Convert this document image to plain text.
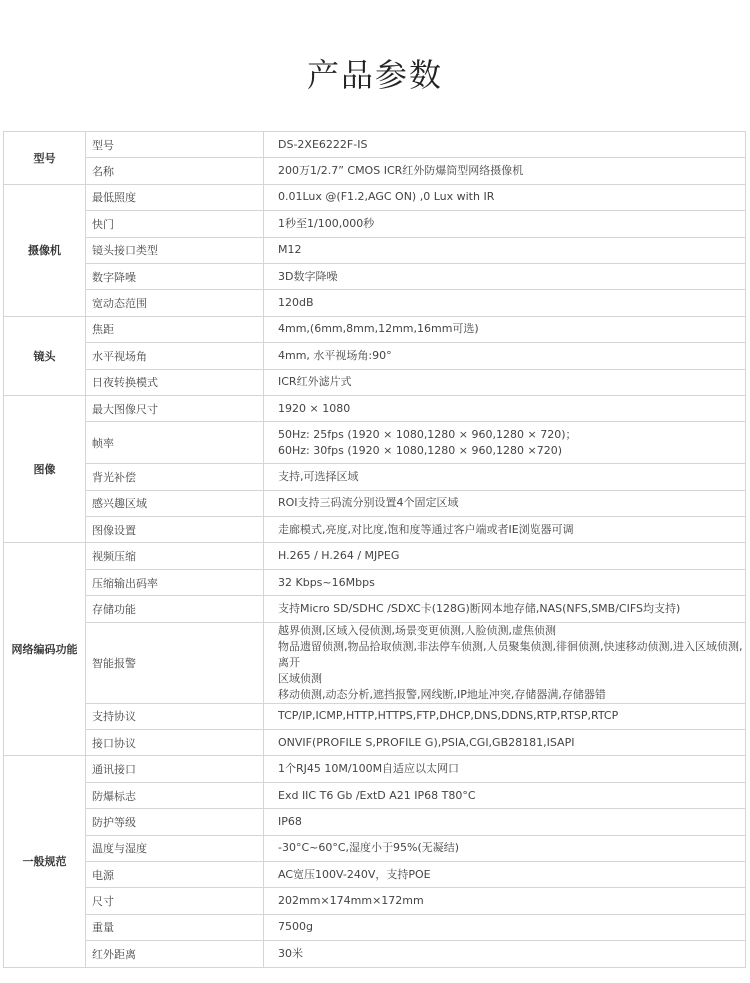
产品参数
型号	型号	DS-2XE6222F-IS

	名称	200万1/2.7” CMOS ICR红外防爆筒型网络摄像机

摄像机	最低照度	0.01Lux @(F1.2,AGC ON) ,0 Lux with IR

	快门	1秒至1/100,000秒

	镜头接口类型	M12

	数字降噪	3D数字降噪

	宽动态范围	120dB

镜头	焦距	4mm,(6mm,8mm,12mm,16mm可选)

	水平视场角	4mm, 水平视场角:90°

	日夜转换模式	ICR红外滤片式

图像	最大图像尺寸	1920 × 1080

	帧率	50Hz: 25fps (1920 × 1080,1280 × 960,1280 × 720)；
60Hz: 30fps (1920 × 1080,1280 × 960,1280 ×720)

	背光补偿	支持,可选择区域

	感兴趣区域	ROI支持三码流分别设置4个固定区域

	图像设置	走廊模式,亮度,对比度,饱和度等通过客户端或者IE浏览器可调

网络编码功能	视频压缩	H.265 / H.264 / MJPEG

	压缩输出码率	32 Kbps~16Mbps

	存储功能	支持Micro SD/SDHC /SDXC卡(128G)断网本地存储,NAS(NFS,SMB/CIFS均支持)

	智能报警	越界侦测,区域入侵侦测,场景变更侦测,人脸侦测,虚焦侦测
物品遗留侦测,物品拾取侦测,非法停车侦测,人员聚集侦测,徘徊侦测,快速移动侦测,进入区域侦测,离开
区域侦测
移动侦测,动态分析,遮挡报警,网线断,IP地址冲突,存储器满,存储器错

	支持协议	TCP/IP,ICMP,HTTP,HTTPS,FTP,DHCP,DNS,DDNS,RTP,RTSP,RTCP

	接口协议	ONVIF(PROFILE S,PROFILE G),PSIA,CGI,GB28181,ISAPI

一般规范	通讯接口	1个RJ45 10M/100M自适应以太网口

	防爆标志	Exd IIC T6 Gb /ExtD A21 IP68 T80°C

	防护等级	IP68

	温度与湿度	-30°C~60°C,湿度小于95%(无凝结)

	电源	AC宽压100V-240V，支持POE

	尺寸	202mm×174mm×172mm

	重量	7500g

	红外距离	30米
